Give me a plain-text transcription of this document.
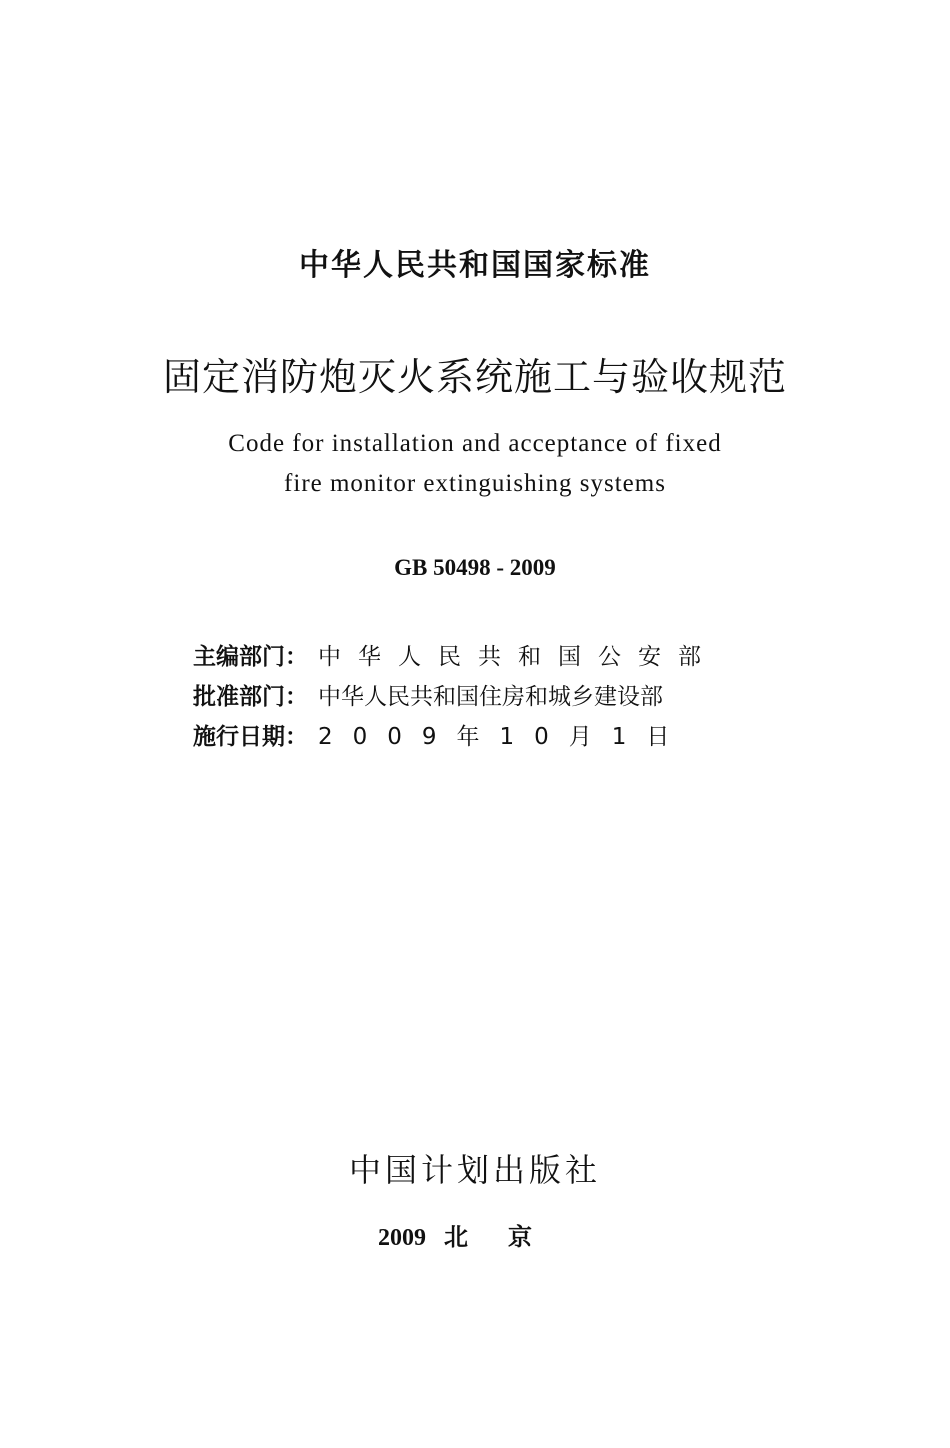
中华人民共和国国家标准
固定消防炮灭火系统施工与验收规范
Code for installation and acceptance of fixed
fire monitor extinguishing systems
GB 50498 - 2009
主编部门： 中华人民共和国公安部
批准部门： 中华人民共和国住房和城乡建设部
施行日期： 2009年10月1日
中国计划出版社
2009 北京
